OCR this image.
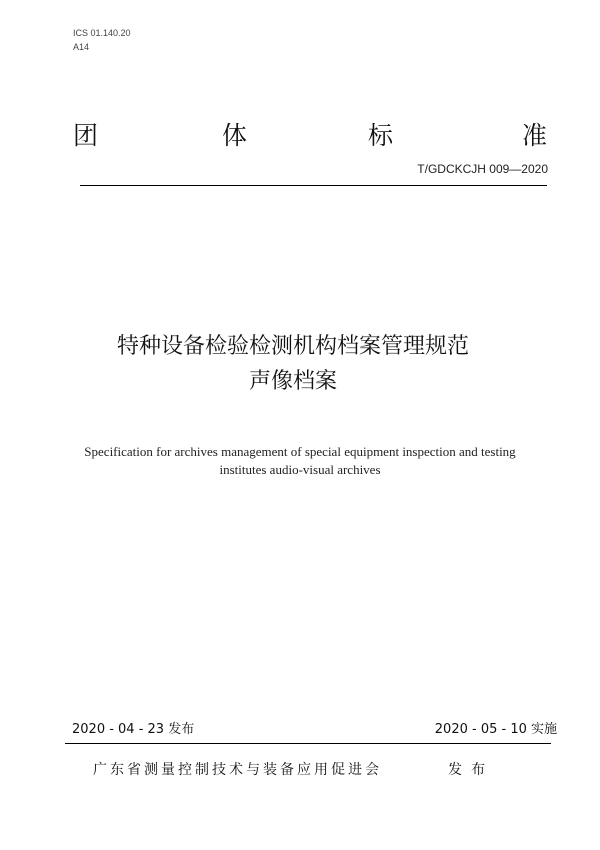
ICS 01.140.20
A14
团	体	标	准
T/GDCKCJH 009—2020
特种设备检验检测机构档案管理规范
声像档案
Specification for archives management of special equipment inspection and testing
institutes audio-visual archives
2020 - 04 - 23 发布	2020 - 05 - 10 实施
广东省测量控制技术与装备应用促进会	发布
